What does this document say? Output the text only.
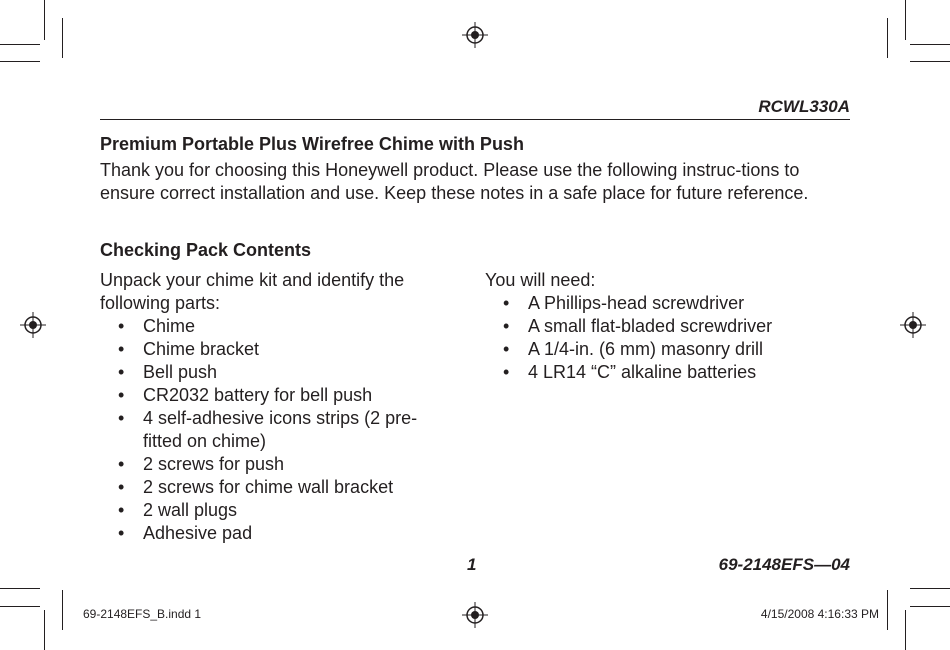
RCWL330A
Premium Portable Plus Wirefree Chime with Push
Thank you for choosing this Honeywell product. Please use the following instruc-tions to ensure correct installation and use. Keep these notes in a safe place for future reference.
Checking Pack Contents
Unpack your chime kit and identify the following parts:
• Chime
• Chime bracket
• Bell push
• CR2032 battery for bell push
• 4 self-adhesive icons strips (2 pre-fitted on chime)
• 2 screws for push
• 2 screws for chime wall bracket
• 2 wall plugs
• Adhesive pad
You will need:
• A Phillips-head screwdriver
• A small flat-bladed screwdriver
• A 1/4-in. (6 mm) masonry drill
• 4 LR14 “C” alkaline batteries
1	69-2148EFS—04
69-2148EFS_B.indd 1	4/15/2008 4:16:33 PM
